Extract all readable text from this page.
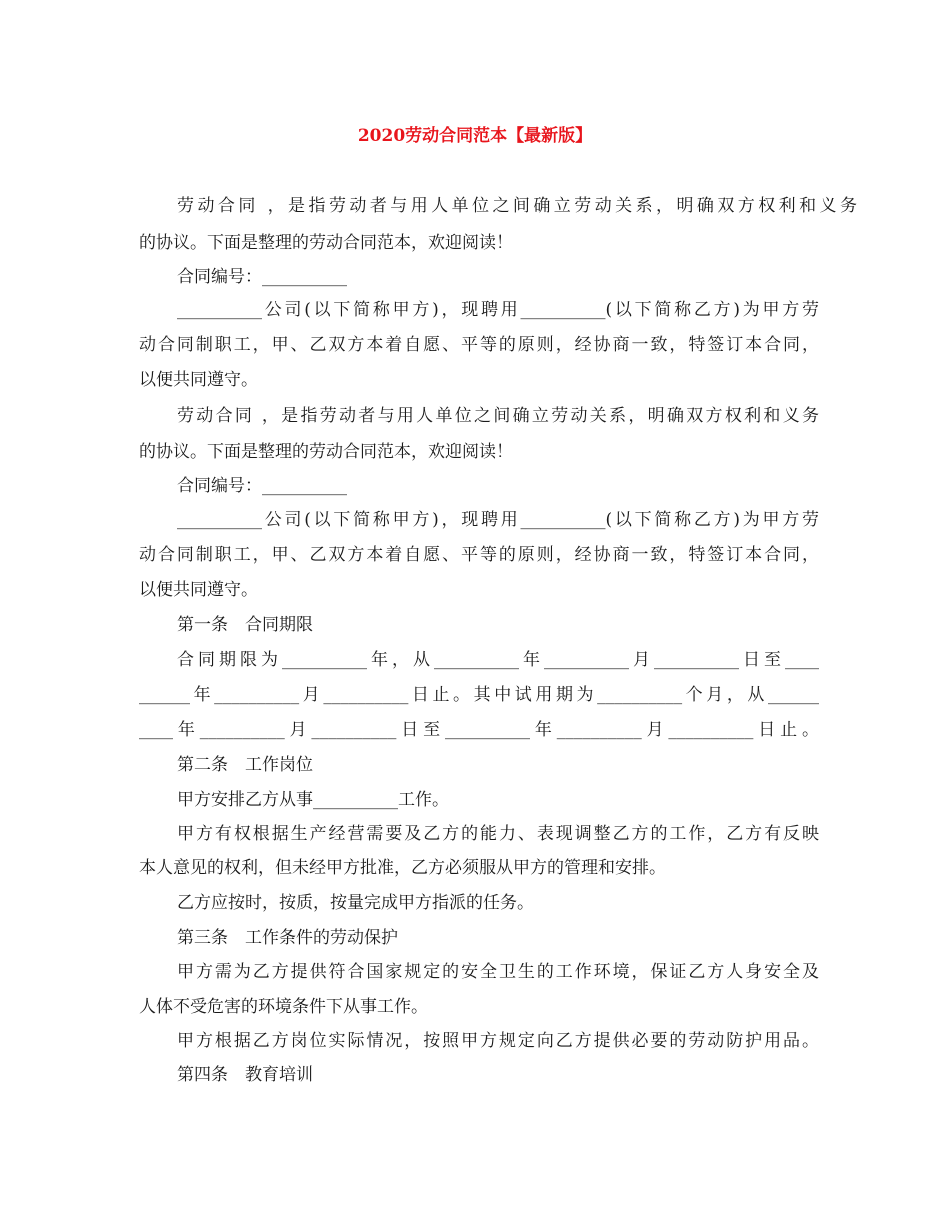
2020劳动合同范本【最新版】
劳动合同 ，是指劳动者与用人单位之间确立劳动关系，明确双方权利和义务
的协议。下面是整理的劳动合同范本，欢迎阅读！
合同编号：__________
__________公司(以下简称甲方)，现聘用__________(以下简称乙方)为甲方劳
动合同制职工，甲、乙双方本着自愿、平等的原则，经协商一致，特签订本合同，
以便共同遵守。
劳动合同 ，是指劳动者与用人单位之间确立劳动关系，明确双方权利和义务
的协议。下面是整理的劳动合同范本，欢迎阅读！
合同编号：__________
__________公司(以下简称甲方)，现聘用__________(以下简称乙方)为甲方劳
动合同制职工，甲、乙双方本着自愿、平等的原则，经协商一致，特签订本合同，
以便共同遵守。
第一条　合同期限
合同期限为__________年，从__________年__________月__________日至____
______年__________月__________日止。其中试用期为__________个月，从______
____年__________月__________日至__________年__________月__________日止。
第二条　工作岗位
甲方安排乙方从事__________工作。
甲方有权根据生产经营需要及乙方的能力、表现调整乙方的工作，乙方有反映
本人意见的权利，但未经甲方批准，乙方必须服从甲方的管理和安排。
乙方应按时，按质，按量完成甲方指派的任务。
第三条　工作条件的劳动保护
甲方需为乙方提供符合国家规定的安全卫生的工作环境，保证乙方人身安全及
人体不受危害的环境条件下从事工作。
甲方根据乙方岗位实际情况，按照甲方规定向乙方提供必要的劳动防护用品。
第四条　教育培训
